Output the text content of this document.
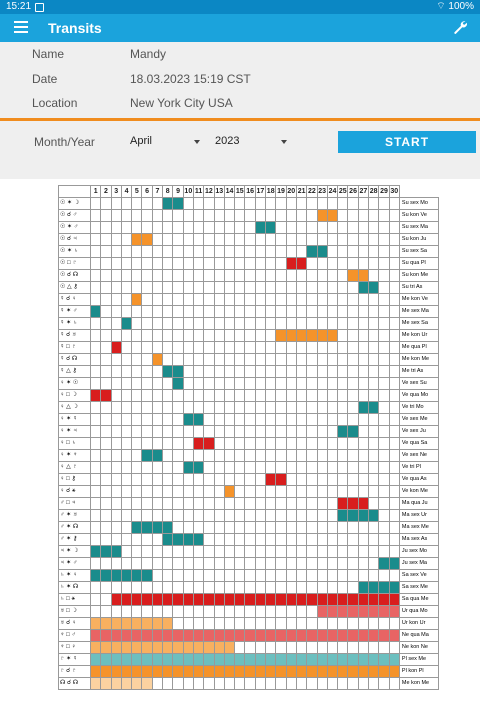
15:21	⌔ 100%
Transits
Name	Mandy
Date	18.03.2023 15:19 CST
Location	New York City USA
Month/Year	April	2023	START
	1	2	3	4	5	6	7	8	9	10	11	12	13	14	15	16	17	18	19	20	21	22	23	24	25	26	27	28	29	30	
☉ ✶ ☽																															Su sex Mo
☉ ☌ ♂																															Su kon Ve
☉ ✶ ♂																															Su sex Ma
☉ ☌ ♃																															Su kon Ju
☉ ✶ ♄																															Su sex Sa
☉ □ ♇																															Su qua Pl
☉ ☌ ☊																															Su kon Me
☉ △ ⚷																															Su tri As
☿ ☌ ♀																															Me kon Ve
☿ ✶ ♂																															Me sex Ma
☿ ✶ ♄																															Me sex Sa
☿ ☌ ♅																															Me kon Ur
☿ □ ♇																															Me qua Pl
☿ ☌ ☊																															Me kon Me
☿ △ ⚷																															Me tri As
♀ ✶ ☉																															Ve sex Su
♀ □ ☽																															Ve qua Mo
♀ △ ☽																															Ve tri Mo
♀ ✶ ☿																															Ve sex Me
♀ ✶ ♃																															Ve sex Ju
♀ □ ♄																															Ve qua Sa
♀ ✶ ♆																															Ve sex Ne
♀ △ ♇																															Ve tri Pl
♀ □ ⚷																															Ve qua As
♀ ☌ ⚹																															Ve kon Me
♂ □ ♃																															Ma qua Ju
♂ ✶ ♅																															Ma sex Ur
♂ ✶ ☊																															Ma sex Me
♂ ✶ ⚷																															Ma sex As
♃ ✶ ☽																															Ju sex Mo
♃ ✶ ♂																															Ju sex Ma
♄ ✶ ♀																															Sa sex Ve
♄ ✶ ☊																															Sa sex Me
♄ □ ⚹																															Sa qua Me
♅ □ ☽																															Ur qua Mo
♅ ☌ ♀																															Ur kon Ur
♆ □ ♂																															Ne qua Ma
♆ □ ♀																															Ne kon Ne
♇ ✶ ☿																															Pl sex Me
♇ ☌ ♇																															Pl kon Pl
☊ ☌ ☊																															Me kon Me
